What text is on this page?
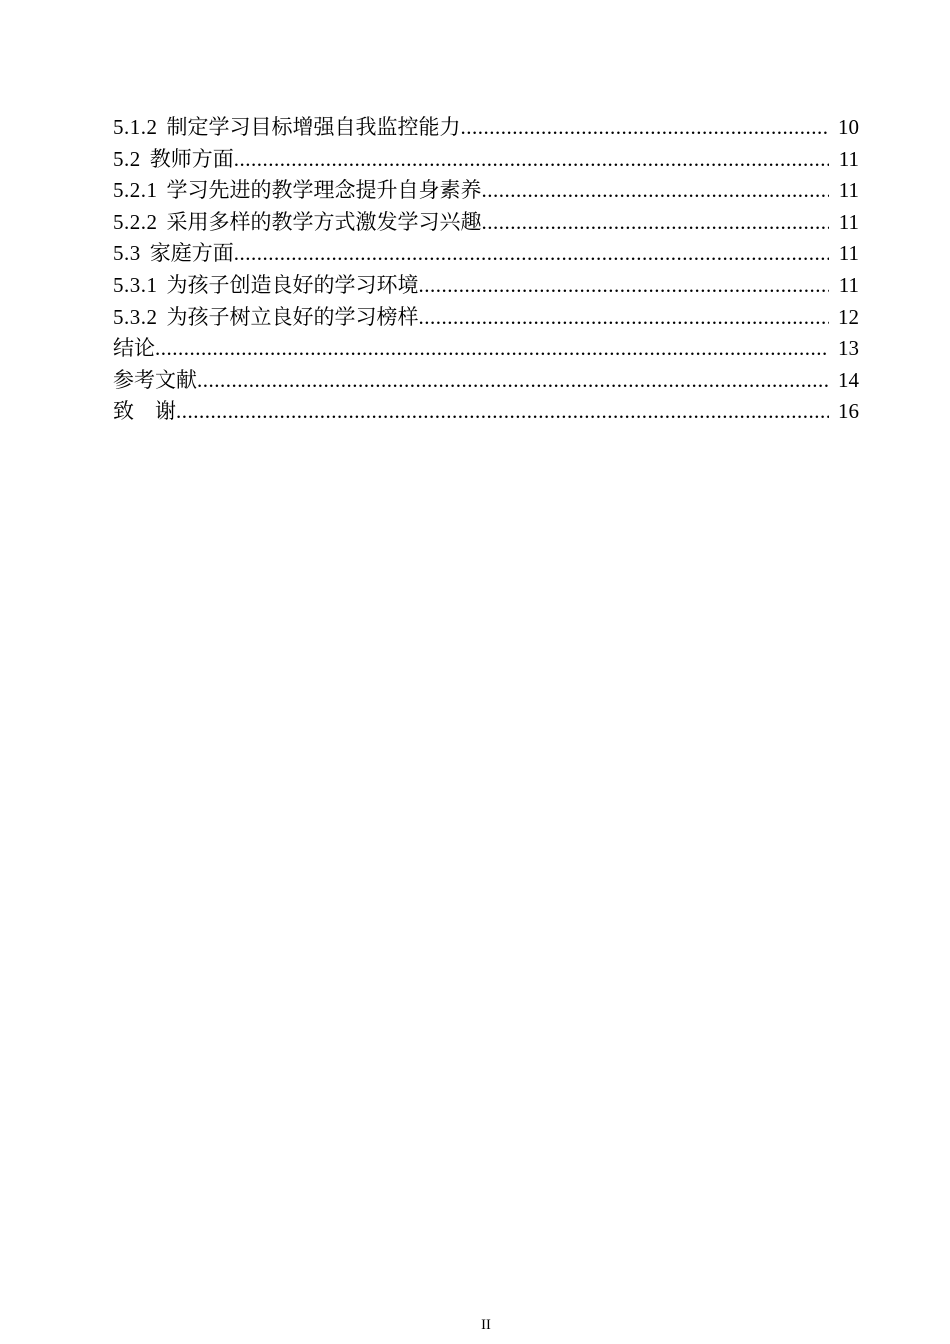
5.1.2 制定学习目标增强自我监控能力 .....	10
5.2 教师方面 .....	11
5.2.1 学习先进的教学理念提升自身素养 .....	11
5.2.2 采用多样的教学方式激发学习兴趣 .....	11
5.3 家庭方面 .....	11
5.3.1 为孩子创造良好的学习环境 .....	11
5.3.2 为孩子树立良好的学习榜样 .....	12
结论 .....	13
参考文献 .....	14
致　谢 .....	16
II
